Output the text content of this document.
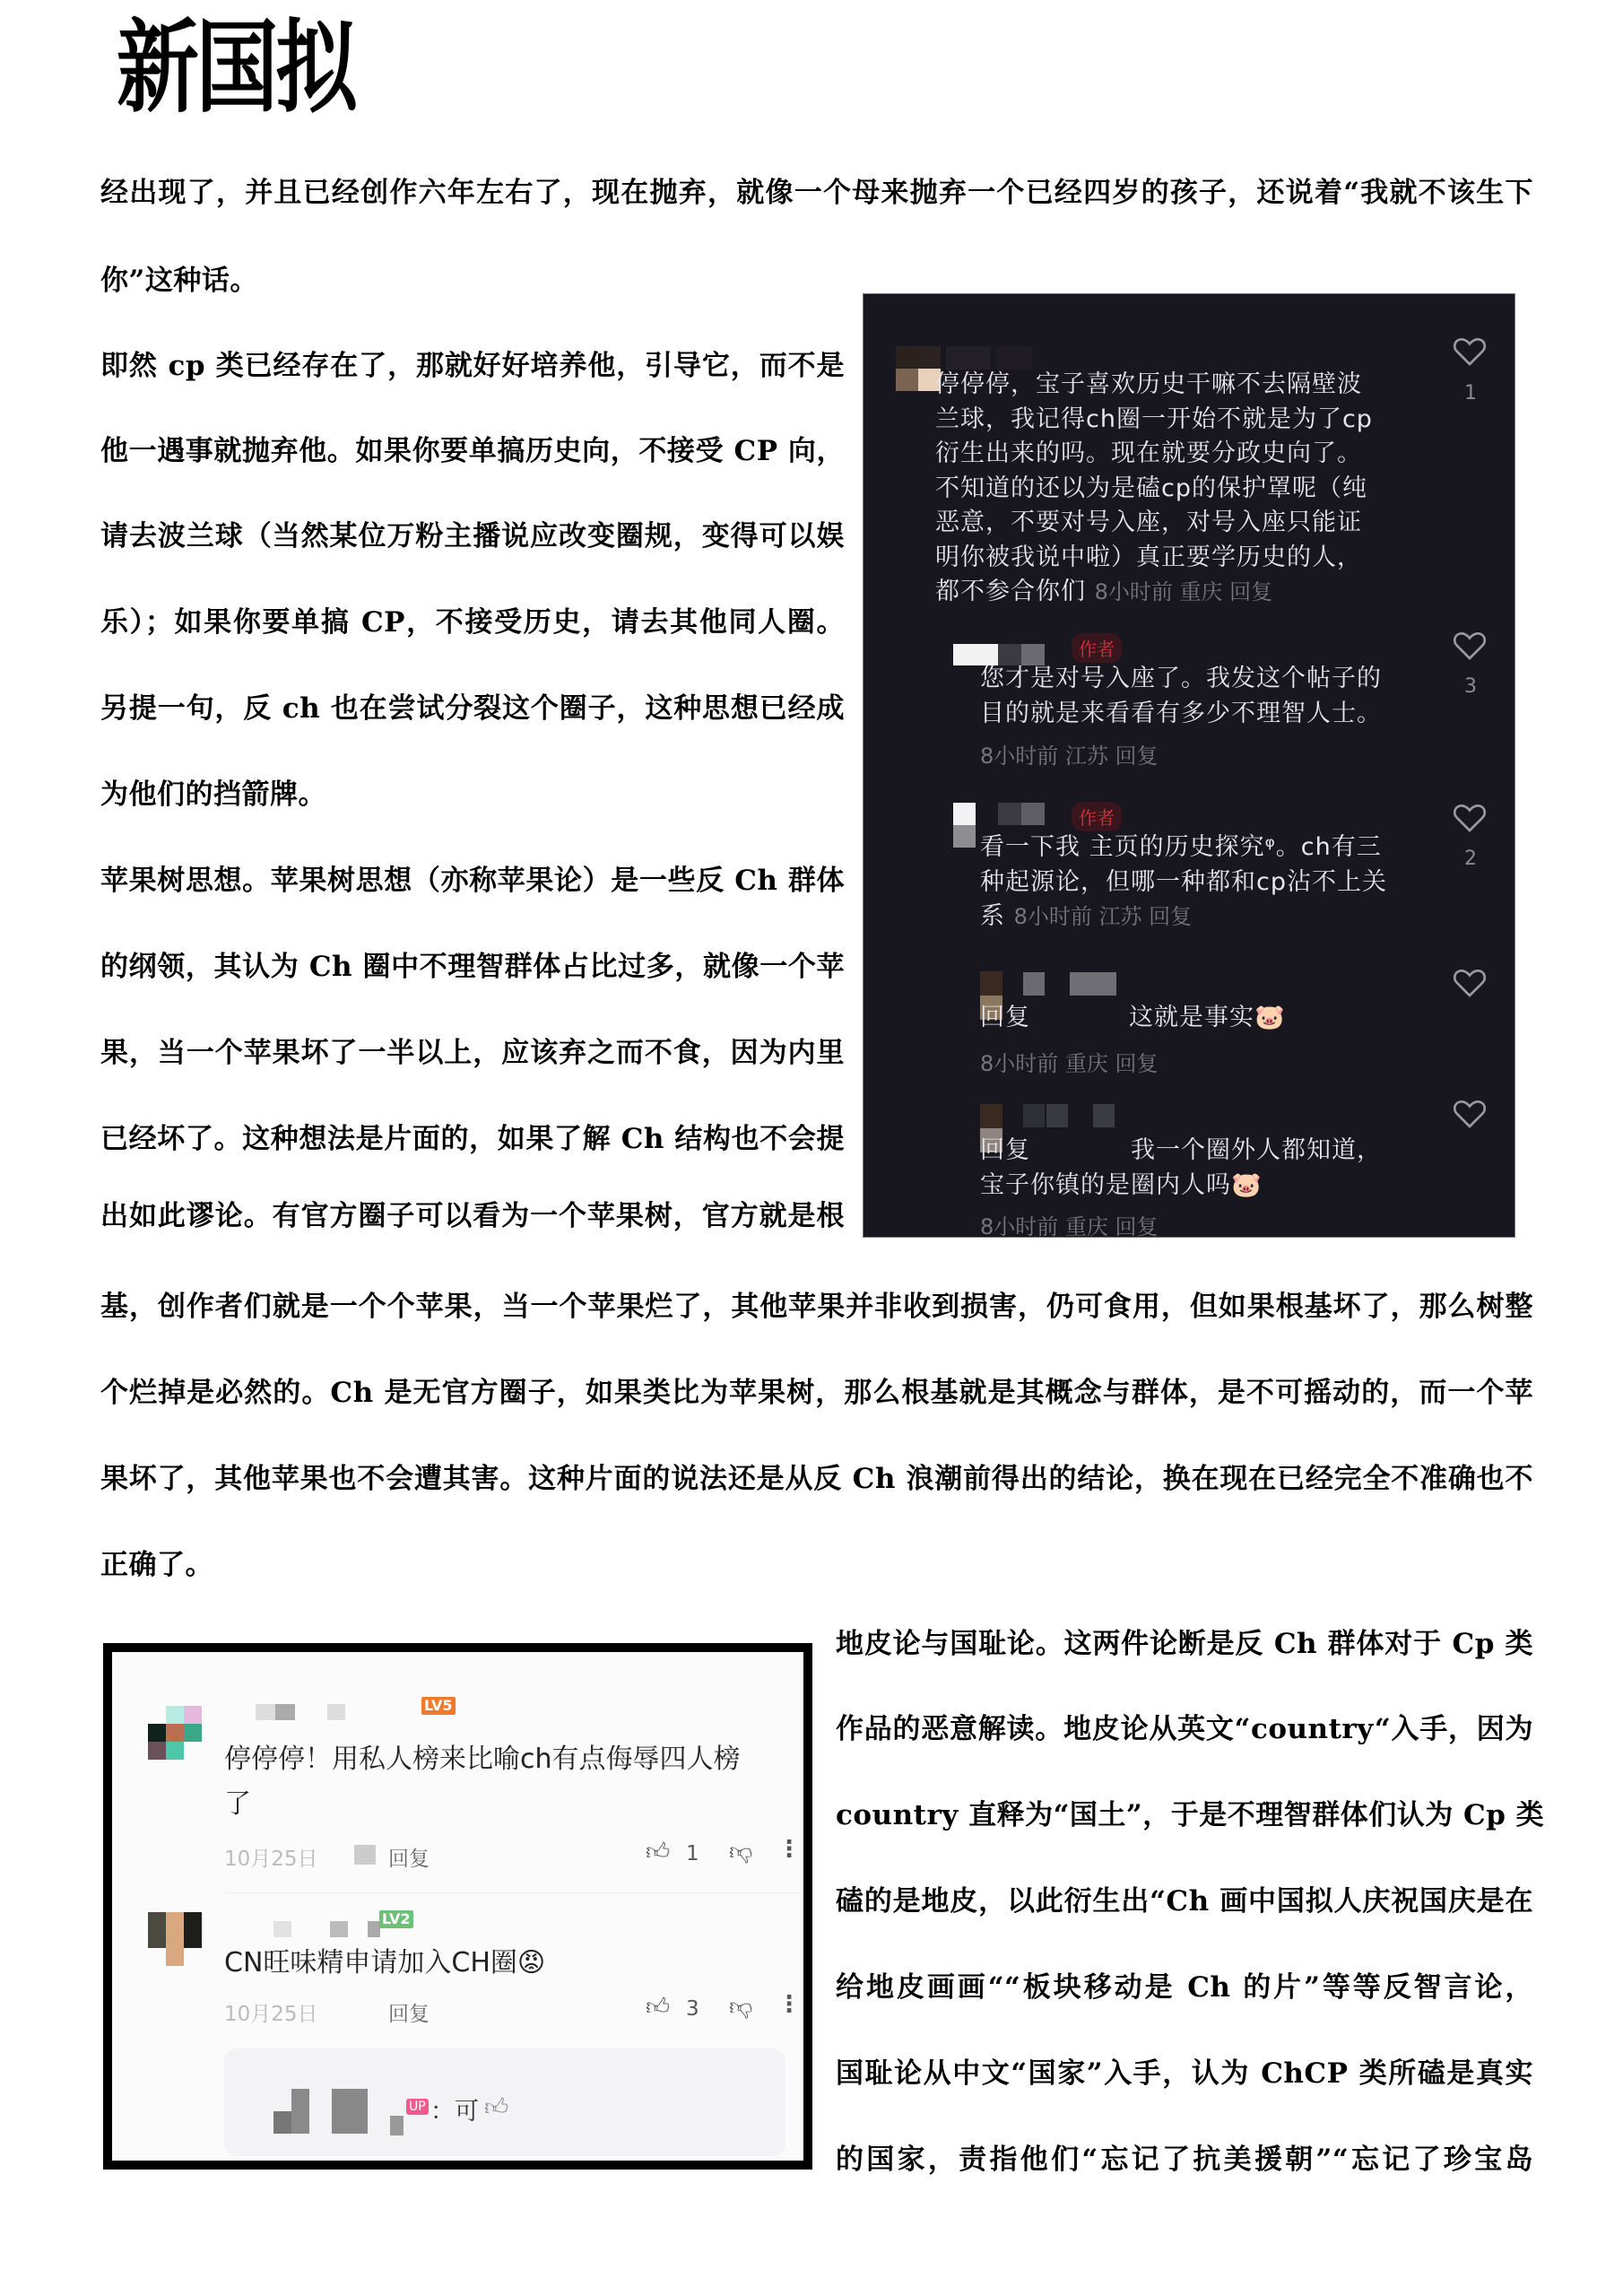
新国拟
经出现了，并且已经创作六年左右了，现在抛弃，就像一个母来抛弃一个已经四岁的孩子，还说着“我就不该生下
你”这种话。
即然 cp 类已经存在了，那就好好培养他，引导它，而不是
他一遇事就抛弃他。如果你要单搞历史向，不接受 CP 向，
请去波兰球（当然某位万粉主播说应改变圈规，变得可以娱
乐）；如果你要单搞 CP，不接受历史，请去其他同人圈。
另提一句，反 ch 也在尝试分裂这个圈子，这种思想已经成
为他们的挡箭牌。
苹果树思想。苹果树思想（亦称苹果论）是一些反 Ch 群体
的纲领，其认为 Ch 圈中不理智群体占比过多，就像一个苹
果，当一个苹果坏了一半以上，应该弃之而不食，因为内里
已经坏了。这种想法是片面的，如果了解 Ch 结构也不会提
出如此谬论。有官方圈子可以看为一个苹果树，官方就是根
停停停，宝子喜欢历史干嘛不去隔壁波
兰球，我记得ch圈一开始不就是为了cp
衍生出来的吗。现在就要分政史向了。
不知道的还以为是磕cp的保护罩呢（纯
恶意，不要对号入座，对号入座只能证
明你被我说中啦）真正要学历史的人，
都不参合你们 8小时前 重庆 回复
1
作者
您才是对号入座了。我发这个帖子的
目的就是来看看有多少不理智人士。
8小时前 江苏 回复
3
作者
看一下我 主页的历史探究ᵠ。ch有三
种起源论，但哪一种都和cp沾不上关
系 8小时前 江苏 回复
2
回复	这就是事实🐷
8小时前 重庆 回复
回复	我一个圈外人都知道，
宝子你镇的是圈内人吗🐷
8小时前 重庆 回复
基，创作者们就是一个个苹果，当一个苹果烂了，其他苹果并非收到损害，仍可食用，但如果根基坏了，那么树整
个烂掉是必然的。Ch 是无官方圈子，如果类比为苹果树，那么根基就是其概念与群体，是不可摇动的，而一个苹
果坏了，其他苹果也不会遭其害。这种片面的说法还是从反 Ch 浪潮前得出的结论，换在现在已经完全不准确也不
正确了。
LV5
停停停！用私人榜来比喻ch有点侮辱四人榜
了
10月25日	回复	👍︎ 1 👎︎ ⋮
LV2
CN旺味精申请加入CH圈😡
10月25日	回复	👍︎ 3 👎︎ ⋮
UP ：可 👍︎
地皮论与国耻论。这两件论断是反 Ch 群体对于 Cp 类
作品的恶意解读。地皮论从英文“country“入手，因为
country 直释为“国土”，于是不理智群体们认为 Cp 类
磕的是地皮，以此衍生出“Ch 画中国拟人庆祝国庆是在
给地皮画画““板块移动是 Ch 的片”等等反智言论，
国耻论从中文“国家”入手，认为 ChCP 类所磕是真实
的国家，责指他们“忘记了抗美援朝”“忘记了珍宝岛
